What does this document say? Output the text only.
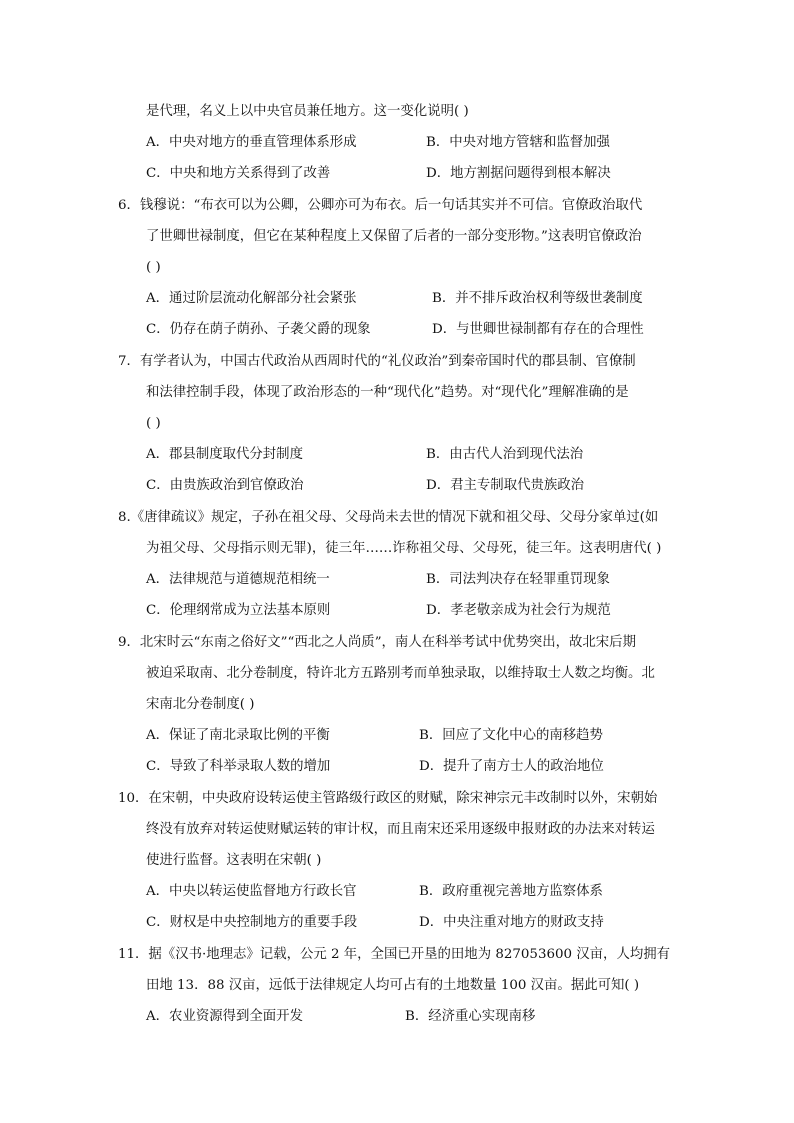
是代理，名义上以中央官员兼任地方。这一变化说明( )
A．中央对地方的垂直管理体系形成	B．中央对地方管辖和监督加强
C．中央和地方关系得到了改善	D．地方割据问题得到根本解决
6．钱穆说：“布衣可以为公卿，公卿亦可为布衣。后一句话其实并不可信。官僚政治取代
了世卿世禄制度，但它在某种程度上又保留了后者的一部分变形物。”这表明官僚政治
( )
A．通过阶层流动化解部分社会紧张	B．并不排斥政治权利等级世袭制度
C．仍存在荫子荫孙、子袭父爵的现象	D．与世卿世禄制都有存在的合理性
7．有学者认为，中国古代政治从西周时代的“礼仪政治”到秦帝国时代的郡县制、官僚制
和法律控制手段，体现了政治形态的一种“现代化”趋势。对“现代化”理解准确的是
( )
A．郡县制度取代分封制度	B．由古代人治到现代法治
C．由贵族政治到官僚政治	D．君主专制取代贵族政治
8.《唐律疏议》规定，子孙在祖父母、父母尚未去世的情况下就和祖父母、父母分家单过(如
为祖父母、父母指示则无罪)，徒三年……诈称祖父母、父母死，徒三年。这表明唐代( )
A．法律规范与道德规范相统一	B．司法判决存在轻罪重罚现象
C．伦理纲常成为立法基本原则	D．孝老敬亲成为社会行为规范
9．北宋时云“东南之俗好文”“西北之人尚质”，南人在科举考试中优势突出，故北宋后期
被迫采取南、北分卷制度，特许北方五路别考而单独录取，以维持取士人数之均衡。北
宋南北分卷制度( )
A．保证了南北录取比例的平衡	B．回应了文化中心的南移趋势
C．导致了科举录取人数的增加	D．提升了南方士人的政治地位
10．在宋朝，中央政府设转运使主管路级行政区的财赋，除宋神宗元丰改制时以外，宋朝始
终没有放弃对转运使财赋运转的审计权，而且南宋还采用逐级申报财政的办法来对转运
使进行监督。这表明在宋朝( )
A．中央以转运使监督地方行政长官	B．政府重视完善地方监察体系
C．财权是中央控制地方的重要手段	D．中央注重对地方的财政支持
11．据《汉书·地理志》记载，公元 2 年，全国已开垦的田地为 827053600 汉亩，人均拥有
田地 13．88 汉亩，远低于法律规定人均可占有的土地数量 100 汉亩。据此可知( )
A．农业资源得到全面开发	B．经济重心实现南移
